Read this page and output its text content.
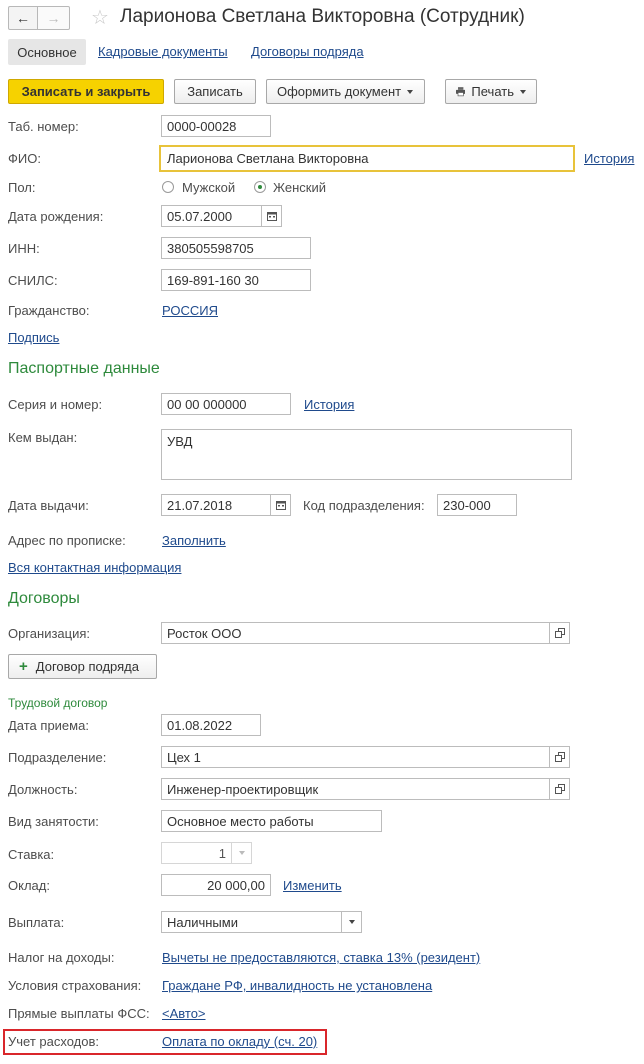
← → ☆ Ларионова Светлана Викторовна (Сотрудник)
Основное Кадровые документы Договоры подряда
Записать и закрыть	Записать	Оформить документ	Печать
Таб. номер:	0000-00028
ФИО:	Ларионова Светлана Викторовна	История
Пол:	Мужской	Женский
Дата рождения:	05.07.2000
ИНН:	380505598705
СНИЛС:	169-891-160 30
Гражданство:	РОССИЯ
Подпись
Паспортные данные
Серия и номер:	00 00 000000	История
Кем выдан:	УВД
Дата выдачи:	21.07.2018	Код подразделения:	230-000
Адрес по прописке:	Заполнить
Вся контактная информация
Договоры
Организация:	Росток ООО
+ Договор подряда
Трудовой договор
Дата приема:	01.08.2022
Подразделение:	Цех 1
Должность:	Инженер-проектировщик
Вид занятости:	Основное место работы
Ставка:	1
Оклад:	20 000,00	Изменить
Выплата:	Наличными
Налог на доходы:	Вычеты не предоставляются, ставка 13% (резидент)
Условия страхования: Граждане РФ, инвалидность не установлена
Прямые выплаты ФСС: <Авто>
Учет расходов:	Оплата по окладу (сч. 20)
